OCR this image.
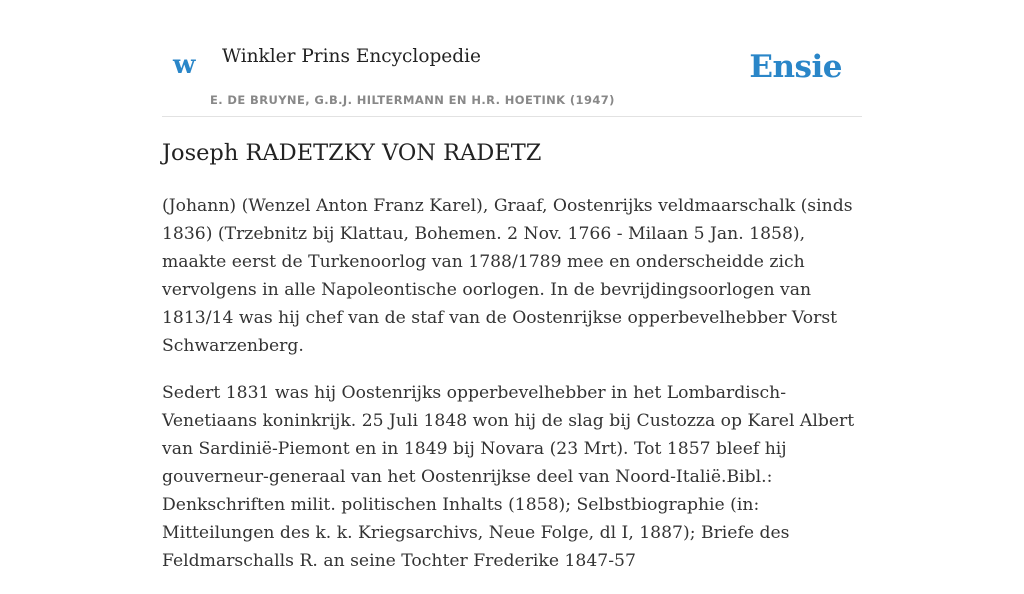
w Winkler Prins Encyclopedie
E. DE BRUYNE, G.B.J. HILTERMANN EN H.R. HOETINK (1947)
Ensie
Joseph RADETZKY VON RADETZ

(Johann) (Wenzel Anton Franz Karel), Graaf, Oostenrijks veldmaarschalk (sinds 1836) (Trzebnitz bij Klattau, Bohemen. 2 Nov. 1766 - Milaan 5 Jan. 1858), maakte eerst de Turkenoorlog van 1788/1789 mee en onderscheidde zich vervolgens in alle Napoleontische oorlogen. In de bevrijdingsoorlogen van 1813/14 was hij chef van de staf van de Oostenrijkse opperbevelhebber Vorst Schwarzenberg.

Sedert 1831 was hij Oostenrijks opperbevelhebber in het Lombardisch-Venetiaans koninkrijk. 25 Juli 1848 won hij de slag bij Custozza op Karel Albert van Sardinië-Piemont en in 1849 bij Novara (23 Mrt). Tot 1857 bleef hij gouverneur-generaal van het Oostenrijkse deel van Noord-Italië.Bibl.: Denkschriften milit. politischen Inhalts (1858); Selbstbiographie (in: Mitteilungen des k. k. Kriegsarchivs, Neue Folge, dl I, 1887); Briefe des Feldmarschalls R. an seine Tochter Frederike 1847-57
